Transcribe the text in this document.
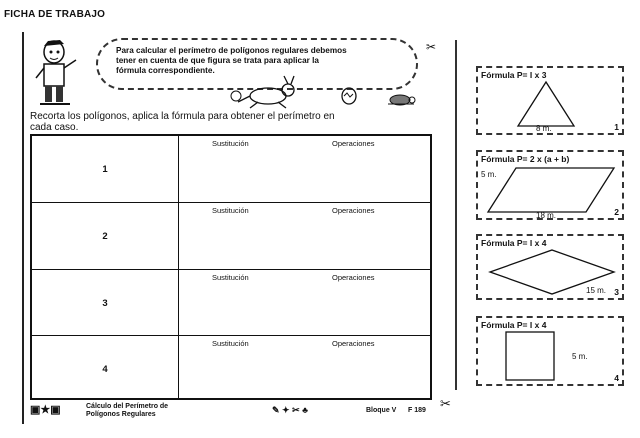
FICHA DE TRABAJO
✂
Para calcular el perímetro de polígonos regulares debemos
tener en cuenta de que figura se trata para aplicar la
fórmula correspondiente.
Recorta los polígonos, aplica la fórmula para obtener el perímetro en
cada caso.
1
Sustitución	Operaciones
2
Sustitución	Operaciones
3
Sustitución	Operaciones
4
Sustitución	Operaciones
▣★▣	Cálculo del Perímetro de
Polígonos Regulares	✎ ✦ ✂ ♣	Bloque V F 189 ✂
Fórmula P= l x 3
8 m.	1
Fórmula P= 2 x (a + b)
5 m.
18 m.	2
Fórmula P= l x 4
15 m. 3
Fórmula P= l x 4
5 m.
4
